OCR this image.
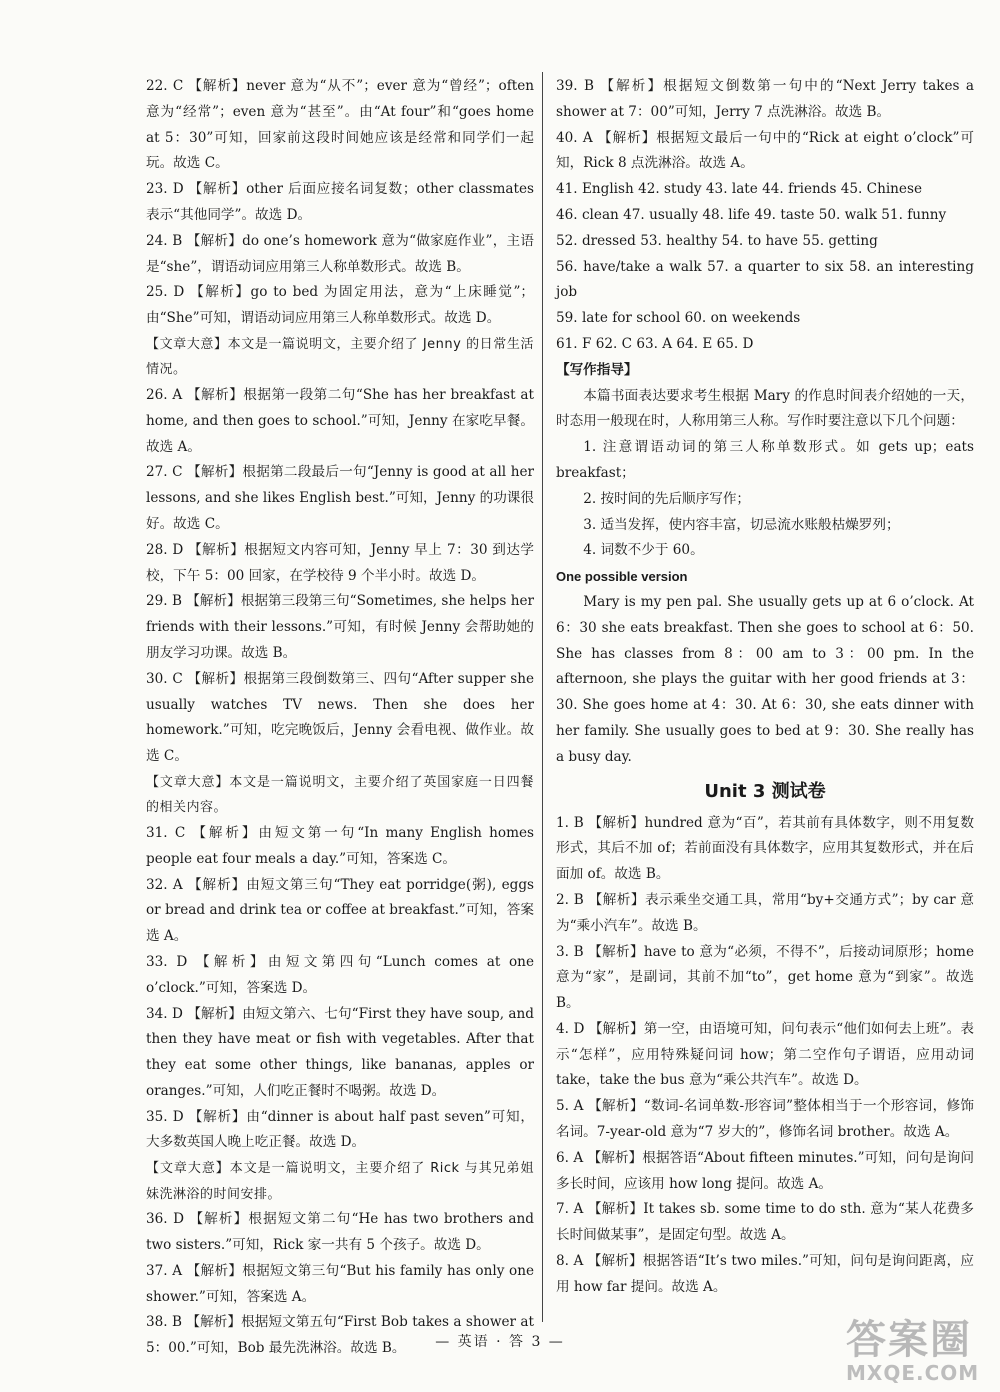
22. C 【解析】never 意为“从不”；ever 意为“曾经”；often 意为“经常”；even 意为“甚至”。由“At four”和“goes home at 5：30”可知，回家前这段时间她应该是经常和同学们一起玩。故选 C。
23. D 【解析】other 后面应接名词复数；other classmates 表示“其他同学”。故选 D。
24. B 【解析】do one’s homework 意为“做家庭作业”，主语是“she”，谓语动词应用第三人称单数形式。故选 B。
25. D 【解析】go to bed 为固定用法，意为“上床睡觉”；由“She”可知，谓语动词应用第三人称单数形式。故选 D。
【文章大意】本文是一篇说明文，主要介绍了 Jenny 的日常生活情况。
26. A 【解析】根据第一段第二句“She has her breakfast at home, and then goes to school.”可知，Jenny 在家吃早餐。故选 A。
27. C 【解析】根据第二段最后一句“Jenny is good at all her lessons, and she likes English best.”可知，Jenny 的功课很好。故选 C。
28. D 【解析】根据短文内容可知，Jenny 早上 7：30 到达学校，下午 5：00 回家，在学校待 9 个半小时。故选 D。
29. B 【解析】根据第三段第三句“Sometimes, she helps her friends with their lessons.”可知，有时候 Jenny 会帮助她的朋友学习功课。故选 B。
30. C 【解析】根据第三段倒数第三、四句“After supper she usually watches TV news. Then she does her homework.”可知，吃完晚饭后，Jenny 会看电视、做作业。故选 C。
【文章大意】本文是一篇说明文，主要介绍了英国家庭一日四餐的相关内容。
31. C 【解析】由短文第一句“In many English homes people eat four meals a day.”可知，答案选 C。
32. A 【解析】由短文第三句“They eat porridge(粥), eggs or bread and drink tea or coffee at breakfast.”可知，答案选 A。
33. D 【解析】由短文第四句“Lunch comes at one o’clock.”可知，答案选 D。
34. D 【解析】由短文第六、七句“First they have soup, and then they have meat or fish with vegetables. After that they eat some other things, like bananas, apples or oranges.”可知，人们吃正餐时不喝粥。故选 D。
35. D 【解析】由“dinner is about half past seven”可知，大多数英国人晚上吃正餐。故选 D。
【文章大意】本文是一篇说明文，主要介绍了 Rick 与其兄弟姐妹洗淋浴的时间安排。
36. D 【解析】根据短文第二句“He has two brothers and two sisters.”可知，Rick 家一共有 5 个孩子。故选 D。
37. A 【解析】根据短文第三句“But his family has only one shower.”可知，答案选 A。
38. B 【解析】根据短文第五句“First Bob takes a shower at 5：00.”可知，Bob 最先洗淋浴。故选 B。
39. B 【解析】根据短文倒数第一句中的“Next Jerry takes a shower at 7：00”可知，Jerry 7 点洗淋浴。故选 B。
40. A 【解析】根据短文最后一句中的“Rick at eight o’clock”可知，Rick 8 点洗淋浴。故选 A。
41. English 42. study 43. late 44. friends 45. Chinese
46. clean 47. usually 48. life 49. taste 50. walk 51. funny
52. dressed 53. healthy 54. to have 55. getting
56. have/take a walk 57. a quarter to six 58. an interesting job
59. late for school 60. on weekends
61. F 62. C 63. A 64. E 65. D
【写作指导】
本篇书面表达要求考生根据 Mary 的作息时间表介绍她的一天，时态用一般现在时，人称用第三人称。写作时要注意以下几个问题：
1. 注意谓语动词的第三人称单数形式。如 gets up；eats breakfast；
2. 按时间的先后顺序写作；
3. 适当发挥，使内容丰富，切忌流水账般枯燥罗列；
4. 词数不少于 60。
One possible version
Mary is my pen pal. She usually gets up at 6 o’clock. At 6：30 she eats breakfast. Then she goes to school at 6：50. She has classes from 8：00 am to 3：00 pm. In the afternoon, she plays the guitar with her good friends at 3：30. She goes home at 4：30. At 6：30, she eats dinner with her family. She usually goes to bed at 9：30. She really has a busy day.
Unit 3 测试卷
1. B 【解析】hundred 意为“百”，若其前有具体数字，则不用复数形式，其后不加 of；若前面没有具体数字，应用其复数形式，并在后面加 of。故选 B。
2. B 【解析】表示乘坐交通工具，常用“by+交通方式”；by car 意为“乘小汽车”。故选 B。
3. B 【解析】have to 意为“必须，不得不”，后接动词原形；home 意为“家”，是副词，其前不加“to”，get home 意为“到家”。故选 B。
4. D 【解析】第一空，由语境可知，问句表示“他们如何去上班”。表示“怎样”，应用特殊疑问词 how；第二空作句子谓语，应用动词 take，take the bus 意为“乘公共汽车”。故选 D。
5. A 【解析】“数词-名词单数-形容词”整体相当于一个形容词，修饰名词。7-year-old 意为“7 岁大的”，修饰名词 brother。故选 A。
6. A 【解析】根据答语“About fifteen minutes.”可知，问句是询问多长时间，应该用 how long 提问。故选 A。
7. A 【解析】It takes sb. some time to do sth. 意为“某人花费多长时间做某事”，是固定句型。故选 A。
8. A 【解析】根据答语“It’s two miles.”可知，问句是询问距离，应用 how far 提问。故选 A。
— 英语 · 答 3 —	答案圈
MXQE.COM
